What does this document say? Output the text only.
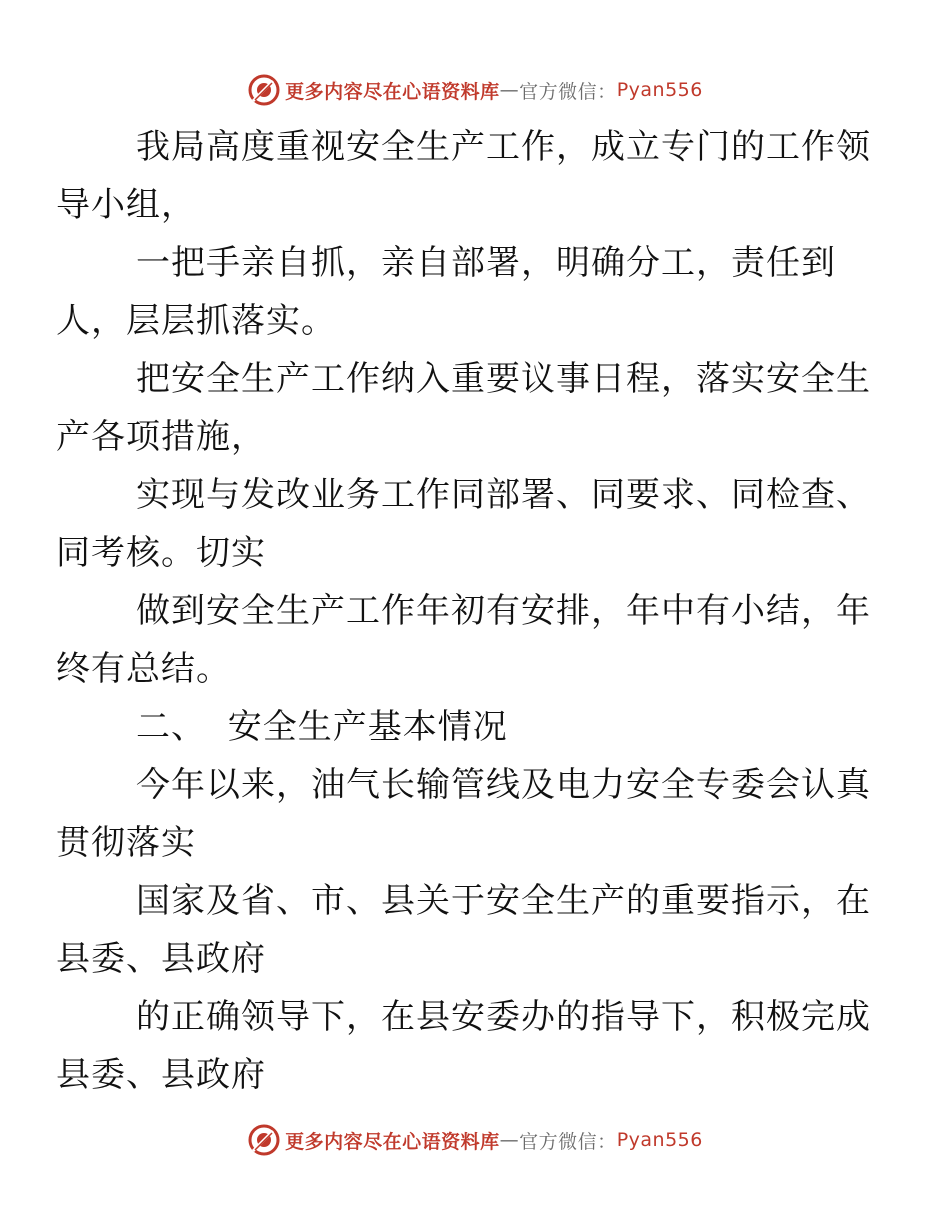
更多内容尽在心语资料库 — 官方微信： Pyan556

我局高度重视安全生产工作，成立专门的工作领
导小组，

一把手亲自抓，亲自部署，明确分工，责任到
人，层层抓落实。

把安全生产工作纳入重要议事日程，落实安全生
产各项措施，

实现与发改业务工作同部署、同要求、同检查、
同考核。切实

做到安全生产工作年初有安排，年中有小结，年
终有总结。

二、 安全生产基本情况

今年以来，油气长输管线及电力安全专委会认真
贯彻落实

国家及省、市、县关于安全生产的重要指示，在
县委、县政府

的正确领导下，在县安委办的指导下，积极完成
县委、县政府

更多内容尽在心语资料库 — 官方微信： Pyan556
